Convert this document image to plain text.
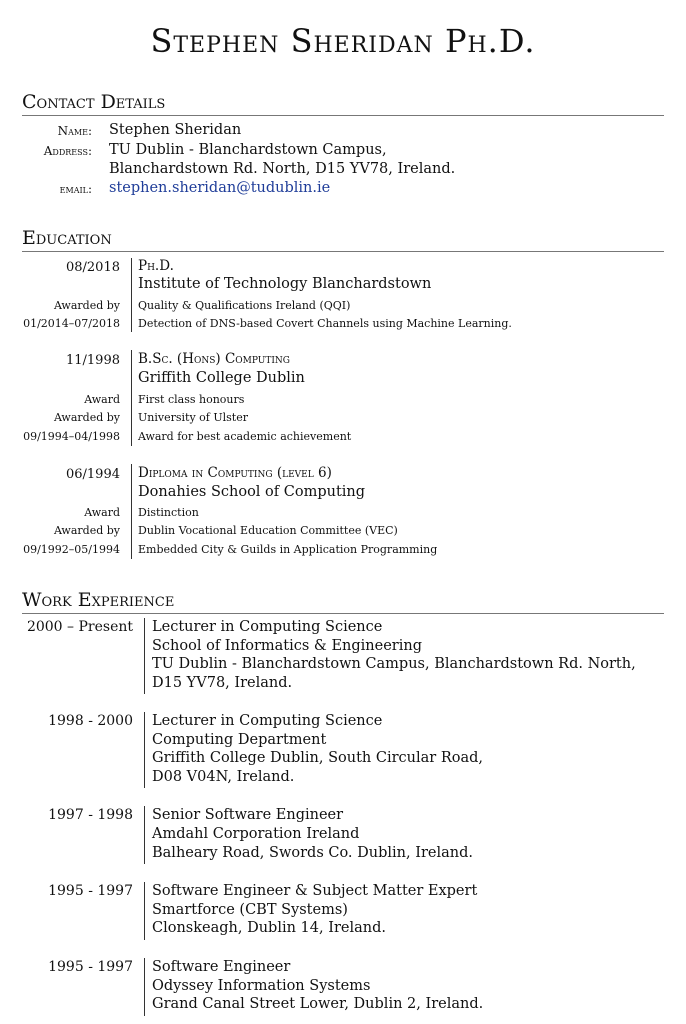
Stephen Sheridan Ph.D.
Contact Details
Name: Stephen Sheridan
Address: TU Dublin - Blanchardstown Campus,
Blanchardstown Rd. North, D15 YV78, Ireland.
email: stephen.sheridan@tudublin.ie
Education
08/2018 Ph.D.
Institute of Technology Blanchardstown
Awarded by Quality & Qualifications Ireland (QQI)
01/2014–07/2018 Detection of DNS-based Covert Channels using Machine Learning.
11/1998 B.Sc. (Hons) Computing
Griffith College Dublin
Award First class honours
Awarded by University of Ulster
09/1994–04/1998 Award for best academic achievement
06/1994 Diploma in Computing (level 6)
Donahies School of Computing
Award Distinction
Awarded by Dublin Vocational Education Committee (VEC)
09/1992–05/1994 Embedded City & Guilds in Application Programming
Work Experience
2000 – Present Lecturer in Computing Science
School of Informatics & Engineering
TU Dublin - Blanchardstown Campus, Blanchardstown Rd. North,
D15 YV78, Ireland.
1998 - 2000 Lecturer in Computing Science
Computing Department
Griffith College Dublin, South Circular Road,
D08 V04N, Ireland.
1997 - 1998 Senior Software Engineer
Amdahl Corporation Ireland
Balheary Road, Swords Co. Dublin, Ireland.
1995 - 1997 Software Engineer & Subject Matter Expert
Smartforce (CBT Systems)
Clonskeagh, Dublin 14, Ireland.
1995 - 1997 Software Engineer
Odyssey Information Systems
Grand Canal Street Lower, Dublin 2, Ireland.
